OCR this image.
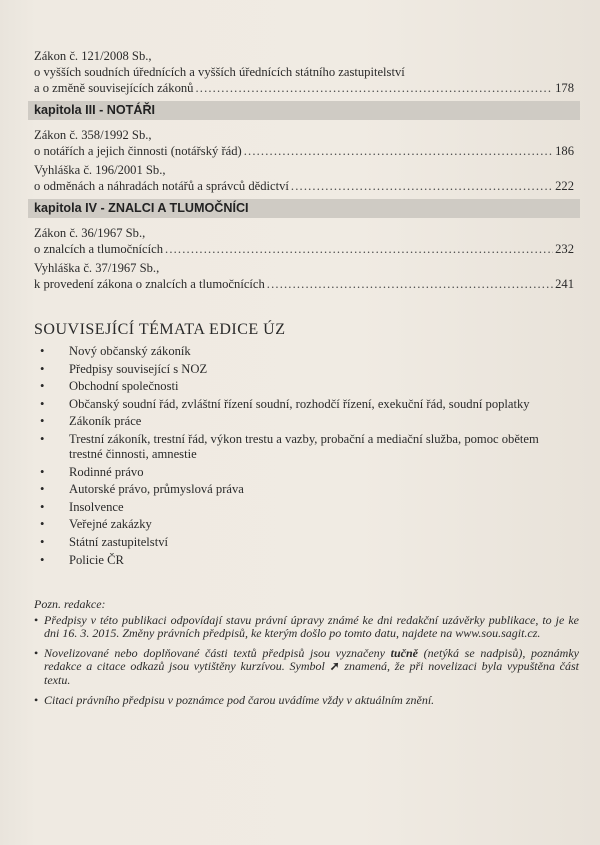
Zákon č. 121/2008 Sb.,
o vyšších soudních úřednících a vyšších úřednících státního zastupitelství
a o změně souvisejících zákonů . . .	178
kapitola III - NOTÁŘI
Zákon č. 358/1992 Sb.,
o notářích a jejich činnosti (notářský řád) . . .	186
Vyhláška č. 196/2001 Sb.,
o odměnách a náhradách notářů a správců dědictví . . .	222
kapitola IV - ZNALCI A TLUMOČNÍCI
Zákon č. 36/1967 Sb.,
o znalcích a tlumočnících . . .	232
Vyhláška č. 37/1967 Sb.,
k provedení zákona o znalcích a tlumočnících . . .	241
SOUVISEJÍCÍ TÉMATA EDICE ÚZ
• Nový občanský zákoník
• Předpisy související s NOZ
• Obchodní společnosti
• Občanský soudní řád, zvláštní řízení soudní, rozhodčí řízení, exekuční řád, soudní poplatky
• Zákoník práce
• Trestní zákoník, trestní řád, výkon trestu a vazby, probační a mediační služba, pomoc obětem trestné činnosti, amnestie
• Rodinné právo
• Autorské právo, průmyslová práva
• Insolvence
• Veřejné zakázky
• Státní zastupitelství
• Policie ČR
Pozn. redakce:
• Předpisy v této publikaci odpovídají stavu právní úpravy známé ke dni redakční uzávěrky publikace, to je ke dni 16. 3. 2015. Změny právních předpisů, ke kterým došlo po tomto datu, najdete na www.sou.sagit.cz.
• Novelizované nebo doplňované části textů předpisů jsou vyznačeny tučně (netýká se nadpisů), poznámky redakce a citace odkazů jsou vytištěny kurzívou. Symbol ➚ znamená, že při novelizaci byla vypuštěna část textu.
• Citaci právního předpisu v poznámce pod čarou uvádíme vždy v aktuálním znění.
